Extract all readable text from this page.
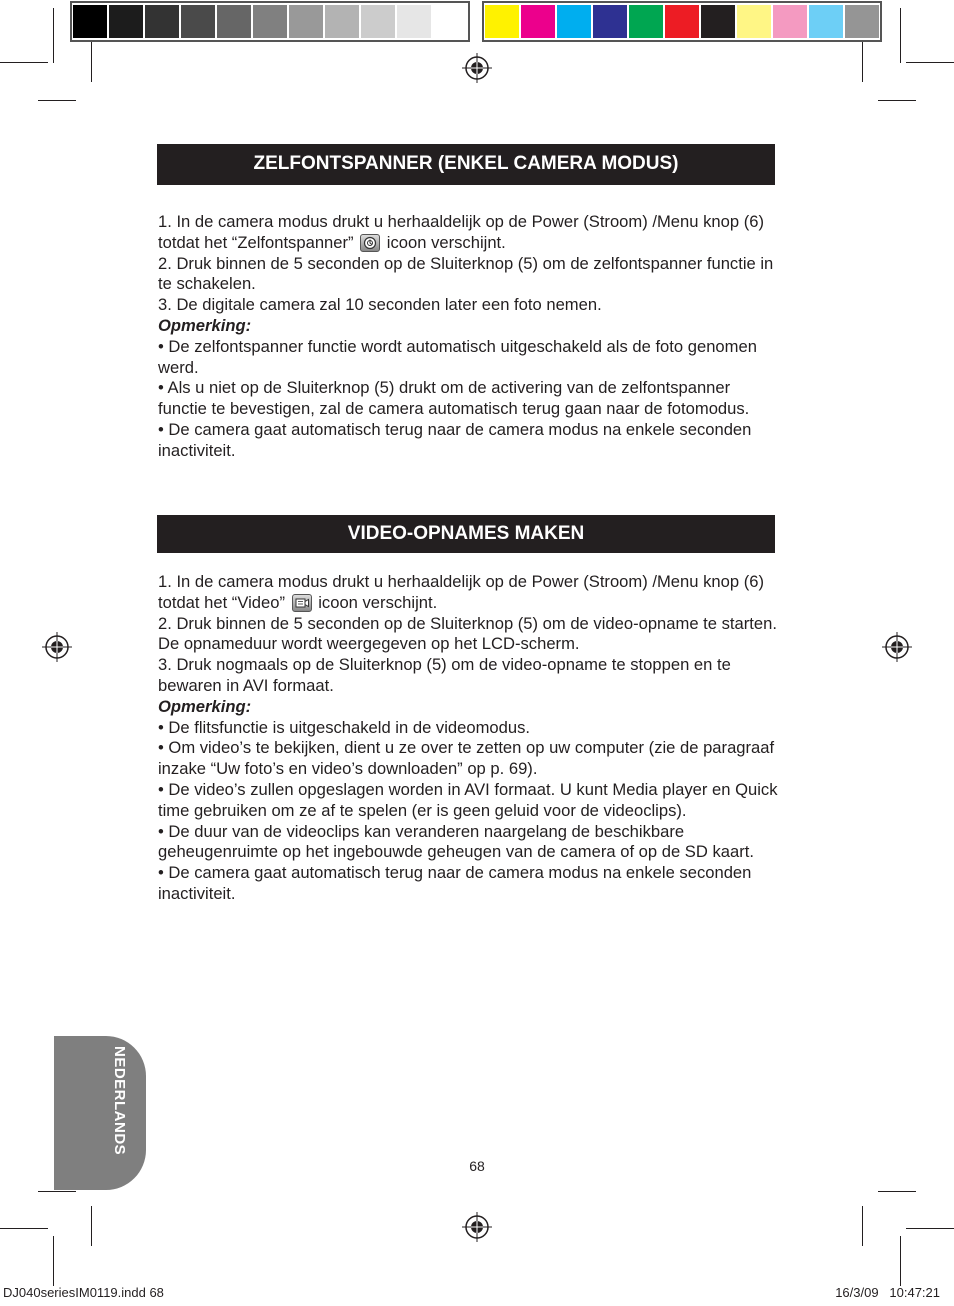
ZELFONTSPANNER (ENKEL CAMERA MODUS)

1. In de camera modus drukt u herhaaldelijk op de Power (Stroom) /Menu knop (6) totdat het “Zelfontspanner”
icoon verschijnt.

2. Druk binnen de 5 seconden op de Sluiterknop (5) om de zelfontspanner functie in te schakelen.

3. De digitale camera zal 10 seconden later een foto nemen.

Opmerking:

• De zelfontspanner functie wordt automatisch uitgeschakeld als de foto genomen werd.

• Als u niet op de Sluiterknop (5) drukt om de activering van de zelfontspanner functie te bevestigen, zal de camera automatisch terug gaan naar de fotomodus.

• De camera gaat automatisch terug naar de camera modus na enkele seconden inactiviteit.

VIDEO-OPNAMES MAKEN

1. In de camera modus drukt u herhaaldelijk op de Power (Stroom) /Menu knop (6) totdat het “Video”
icoon verschijnt.

2. Druk binnen de 5 seconden op de Sluiterknop (5) om de video-opname te starten. De opnameduur wordt weergegeven op het LCD-scherm.

3. Druk nogmaals op de Sluiterknop (5) om de video-opname te stoppen en te bewaren in AVI formaat.

Opmerking:

• De flitsfunctie is uitgeschakeld in de videomodus.

• Om video’s te bekijken, dient u ze over te zetten op uw computer (zie de paragraaf inzake “Uw foto’s en video’s downloaden” op p. 69).

• De video’s zullen opgeslagen worden in AVI formaat. U kunt Media player en Quick time gebruiken om ze af te spelen (er is geen geluid voor de videoclips).

• De duur van de videoclips kan veranderen naargelang de beschikbare geheugenruimte op het ingebouwde geheugen van de camera of op de SD kaart.

• De camera gaat automatisch terug naar de camera modus na enkele seconden inactiviteit.

NEDERLANDS
68
DJ040seriesIM0119.indd 68	16/3/09   10:47:21
